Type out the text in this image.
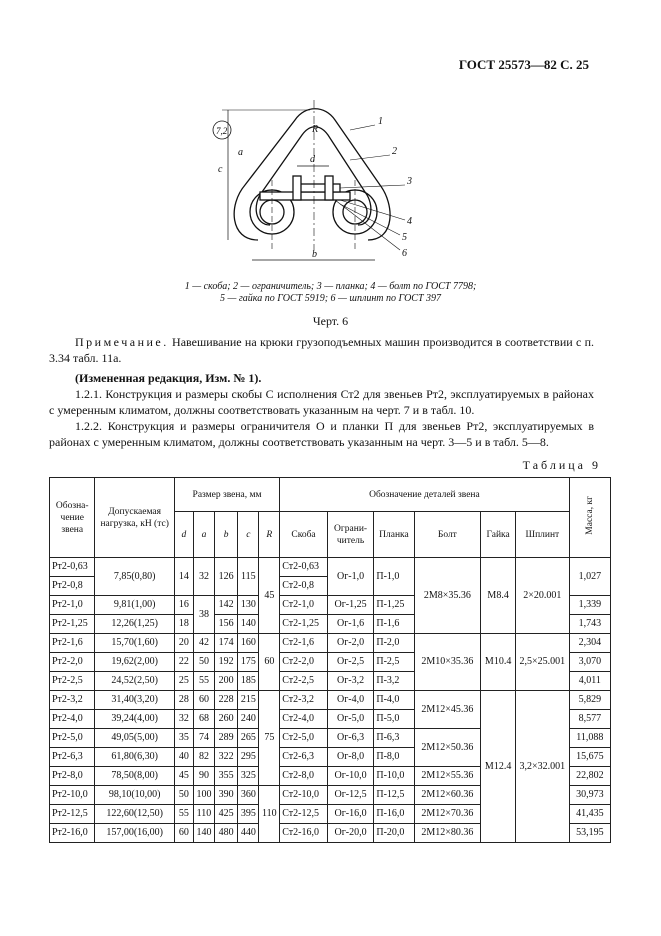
ГОСТ 25573—82 С. 25
7,2	R
c
d
a
b
1
2
3
4
5
6
1 — скоба; 2 — ограничитель; 3 — планка; 4 — болт по ГОСТ 7798;
5 — гайка по ГОСТ 5919; 6 — шплинт по ГОСТ 397
Черт. 6
Примечание. Навешивание на крюки грузоподъемных машин производится в соответствии с п. 3.34 табл. 11а.
(Измененная редакция, Изм. № 1).
1.2.1. Конструкция и размеры скобы С исполнения Ст2 для звеньев Рт2, эксплуатируемых в районах с умеренным климатом, должны соответствовать указанным на черт. 7 и в табл. 10.
1.2.2. Конструкция и размеры ограничителя О и планки П для звеньев Рт2, эксплуатируемых в районах с умеренным климатом, должны соответствовать указанным на черт. 3—5 и в табл. 5—8.
Таблица 9
Обозна-чение звена	Допускаемая нагрузка, кН (тс)	Размер звена, мм					Обозначение деталей звена						Масса, кг
		d	a	b	c	R	Скоба	Ограни-читель	Планка	Болт	Гайка	Шплинт	
Рт2-0,63	7,85(0,80)	14	32	126	115	45	Ст2-0,63	Ог-1,0	П-1,0	2М8×35.36	М8.4	2×20.001	1,027
Рт2-0,8							Ст2-0,8						
Рт2-1,0	9,81(1,00)	16	38	142	130		Ст2-1,0	Ог-1,25	П-1,25				1,339
Рт2-1,25	12,26(1,25)	18		156	140		Ст2-1,25	Ог-1,6	П-1,6				1,743
Рт2-1,6	15,70(1,60)	20	42	174	160	60	Ст2-1,6	Ог-2,0	П-2,0	2М10×35.36	М10.4	2,5×25.001	2,304
Рт2-2,0	19,62(2,00)	22	50	192	175		Ст2-2,0	Ог-2,5	П-2,5				3,070
Рт2-2,5	24,52(2,50)	25	55	200	185		Ст2-2,5	Ог-3,2	П-3,2				4,011
Рт2-3,2	31,40(3,20)	28	60	228	215	75	Ст2-3,2	Ог-4,0	П-4,0	2М12×45.36	М12.4	3,2×32.001	5,829
Рт2-4,0	39,24(4,00)	32	68	260	240		Ст2-4,0	Ог-5,0	П-5,0				8,577
Рт2-5,0	49,05(5,00)	35	74	289	265		Ст2-5,0	Ог-6,3	П-6,3	2М12×50.36			11,088
Рт2-6,3	61,80(6,30)	40	82	322	295		Ст2-6,3	Ог-8,0	П-8,0				15,675
Рт2-8,0	78,50(8,00)	45	90	355	325		Ст2-8,0	Ог-10,0	П-10,0	2М12×55.36			22,802
Рт2-10,0	98,10(10,00)	50	100	390	360	110	Ст2-10,0	Ог-12,5	П-12,5	2М12×60.36			30,973
Рт2-12,5	122,60(12,50)	55	110	425	395		Ст2-12,5	Ог-16,0	П-16,0	2М12×70.36			41,435
Рт2-16,0	157,00(16,00)	60	140	480	440		Ст2-16,0	Ог-20,0	П-20,0	2М12×80.36			53,195
